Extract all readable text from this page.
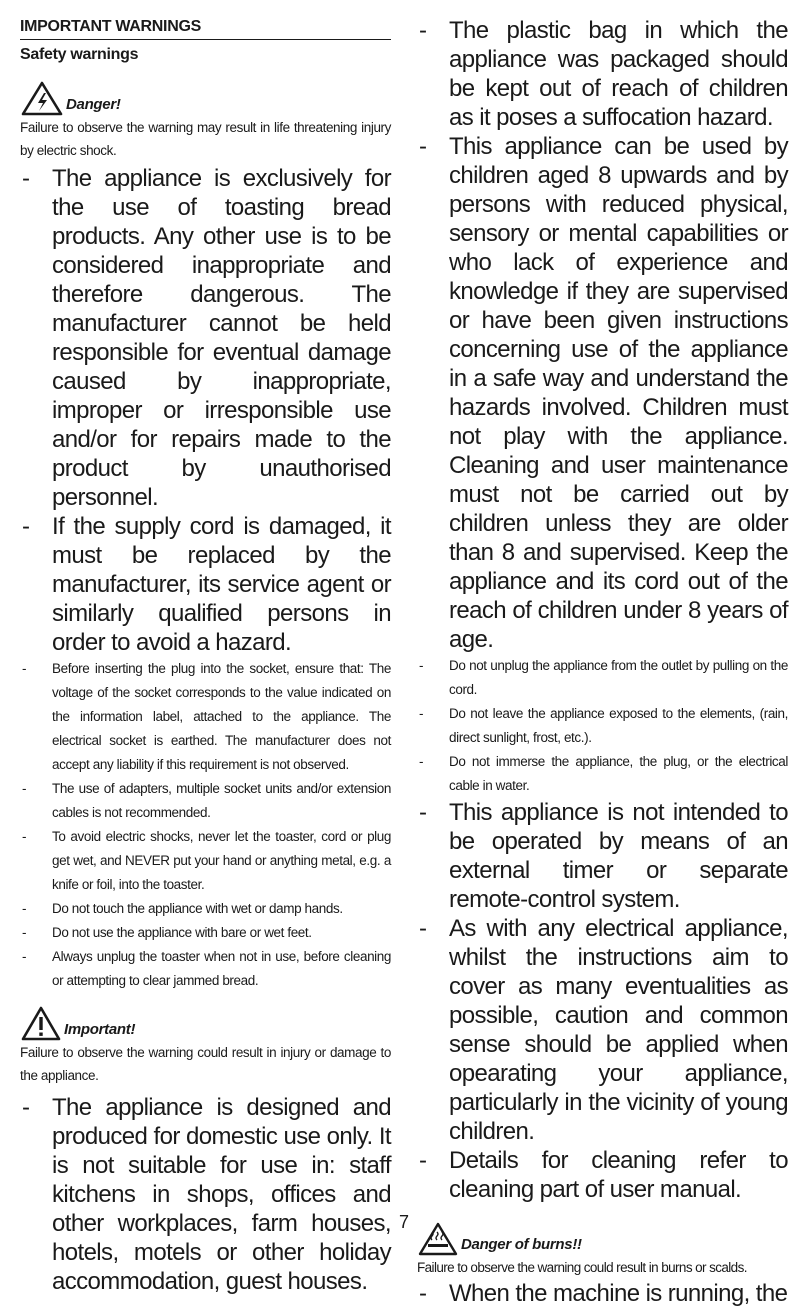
IMPORTANT WARNINGS
Safety warnings
Danger!
Failure to observe the warning may result in life threatening injury by electric shock.
- The appliance is exclusively for the use of toasting bread products. Any other use is to be considered inappropriate and therefore dangerous. The manufacturer cannot be held responsible for eventual damage caused by inappropriate, improper or irresponsible use and/or for repairs made to the product by unauthorised personnel.
- If the supply cord is damaged, it must be replaced by the manufacturer, its service agent or similarly qualified persons in order to avoid a hazard.
- Before inserting the plug into the socket, ensure that: The voltage of the socket corresponds to the value indicated on the information label, attached to the appliance. The electrical socket is earthed. The manufacturer does not accept any liability if this requirement is not observed.
- The use of adapters, multiple socket units and/or extension cables is not recommended.
- To avoid electric shocks, never let the toaster, cord or plug get wet, and NEVER put your hand or anything metal, e.g. a knife or foil, into the toaster.
- Do not touch the appliance with wet or damp hands.
- Do not use the appliance with bare or wet feet.
- Always unplug the toaster when not in use, before cleaning or attempting to clear jammed bread.
Important!
Failure to observe the warning could result in injury or damage to the appliance.
- The appliance is designed and produced for domestic use only. It is not suitable for use in: staff kitchens in shops, offices and other workplaces, farm houses, hotels, motels or other holiday accommodation, guest houses.
- The plastic bag in which the appliance was packaged should be kept out of reach of children as it poses a suffocation hazard.
- This appliance can be used by children aged 8 upwards and by persons with reduced physical, sensory or mental capabilities or who lack of experience and knowledge if they are supervised or have been given instructions concerning use of the appliance in a safe way and understand the hazards involved. Children must not play with the appliance. Cleaning and user maintenance must not be carried out by children unless they are older than 8 and supervised. Keep the appliance and its cord out of the reach of children under 8 years of age.
- Do not unplug the appliance from the outlet by pulling on the cord.
- Do not leave the appliance exposed to the elements, (rain, direct sunlight, frost, etc.).
- Do not immerse the appliance, the plug, or the electrical cable in water.
- This appliance is not intended to be operated by means of an external timer or separate remote-control system.
- As with any electrical appliance, whilst the instructions aim to cover as many eventualities as possible, caution and common sense should be applied when opearating your appliance, particularly in the vicinity of young children.
- Details for cleaning refer to cleaning part of user manual.
Danger of burns!!
Failure to observe the warning could result in burns or scalds.
- When the machine is running, the
7
